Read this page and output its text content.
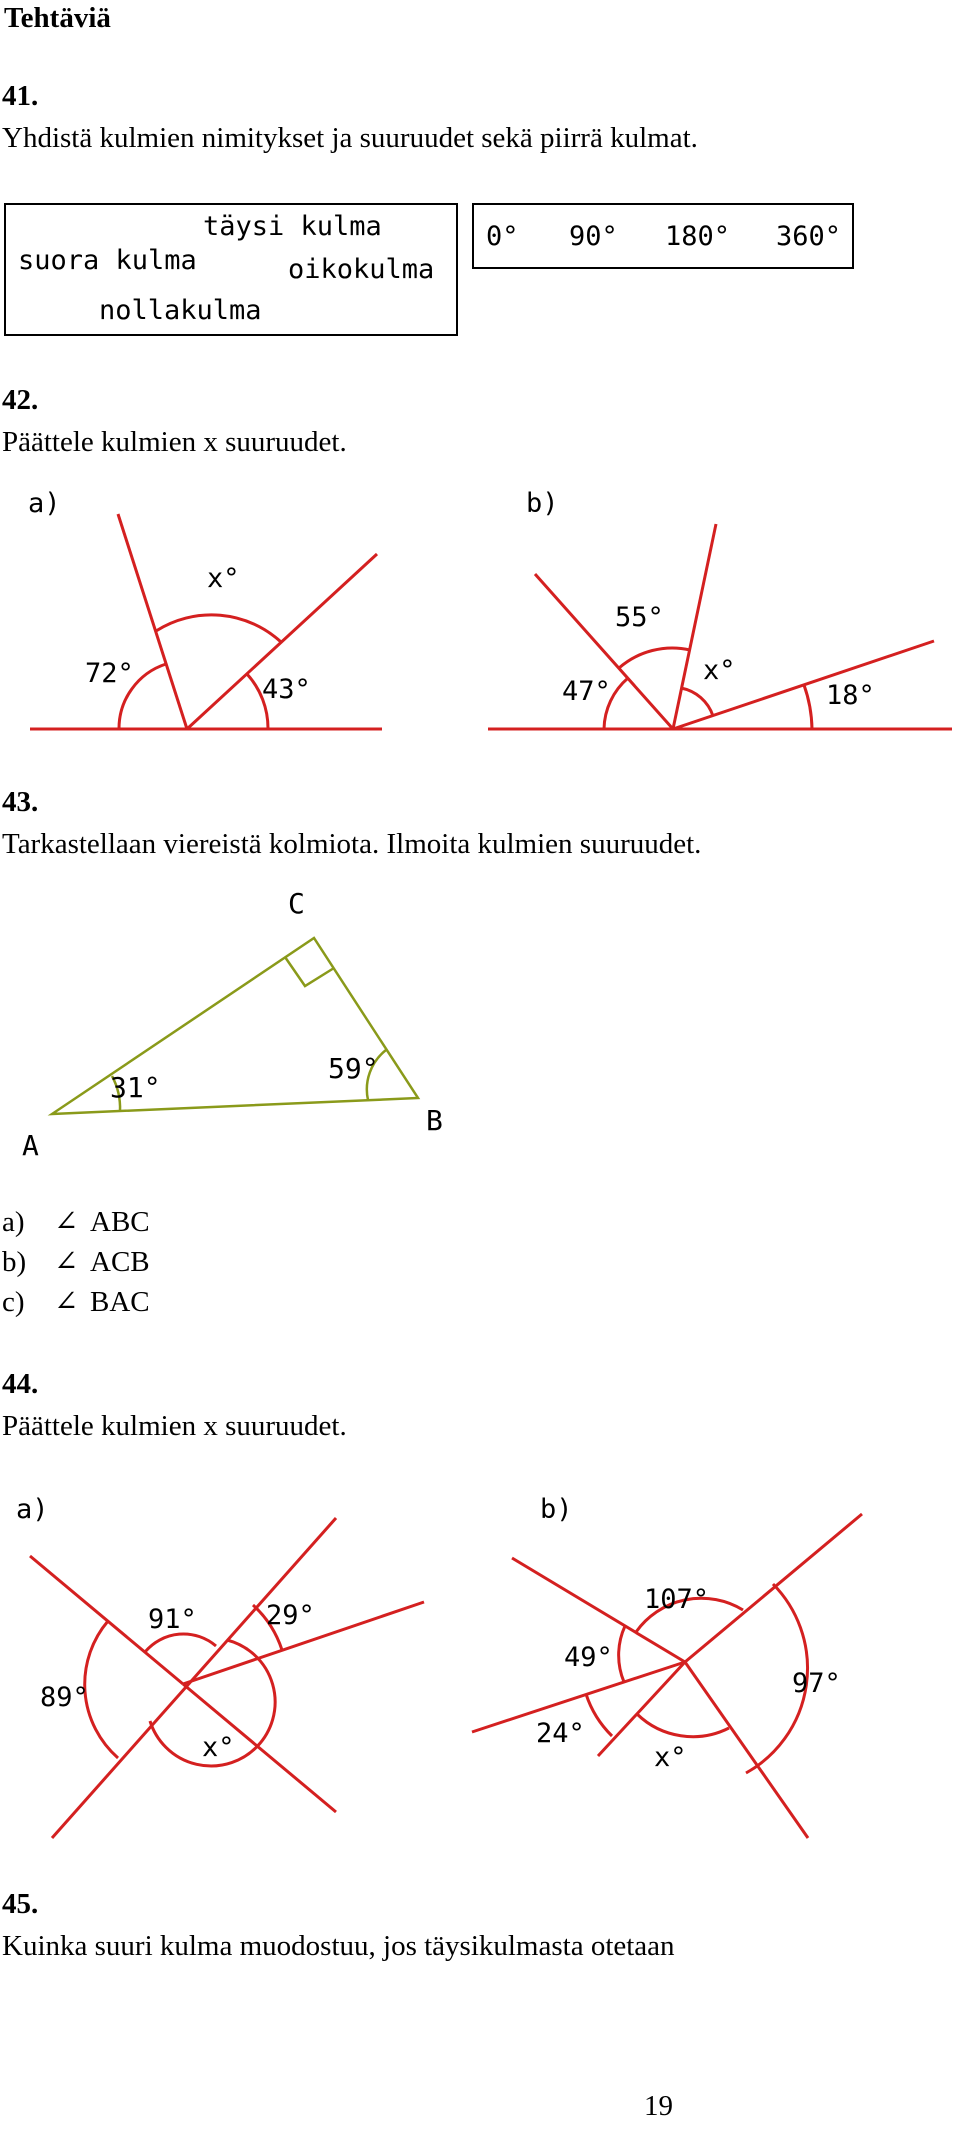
Tehtäviä
41.
Yhdistä kulmien nimitykset ja suuruudet sekä piirrä kulmat.
täysi kulma
suora kulma	oikokulma
nollakulma
0° 90° 180° 360°
42.
Päättele kulmien x suuruudet.
a)
x°
72°
43°
b)
55°
47°
x°
18°
43.
Tarkastellaan viereistä kolmiota. Ilmoita kulmien suuruudet.
C
A
B
31°
59°
a)	∠ ABC
b) ∠ ACB
c)	∠ BAC
44.
Päättele kulmien x suuruudet.
a)
91°	29°
89°
x°
b)
107°
49°
97°
24°
x°
45.
Kuinka suuri kulma muodostuu, jos täysikulmasta otetaan
19
